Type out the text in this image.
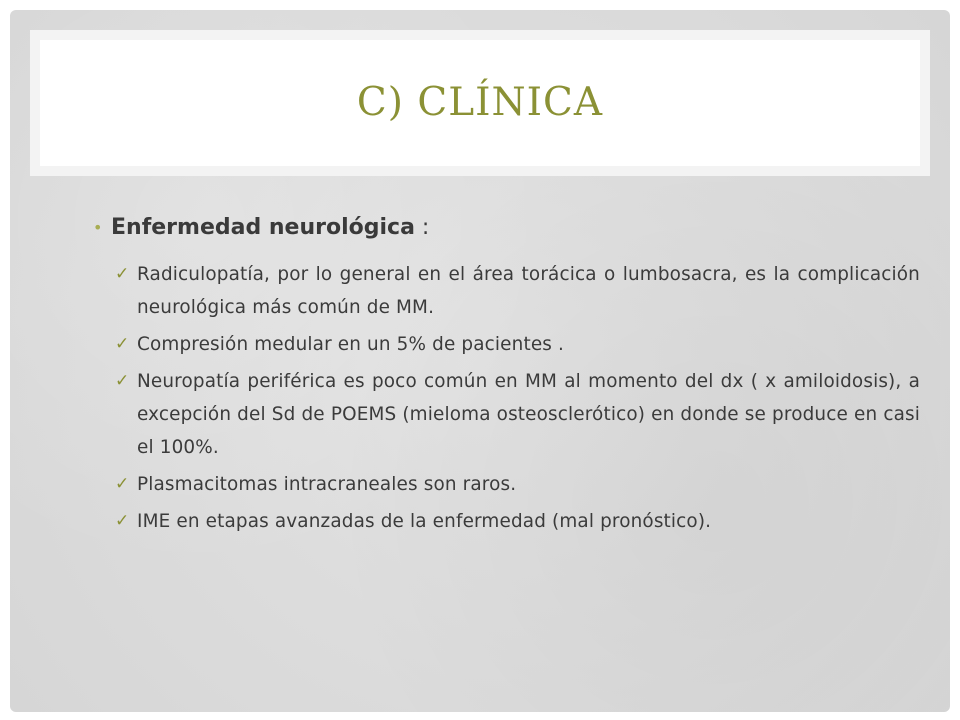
C) CLÍNICA
• Enfermedad neurológica :
✓ Radiculopatía, por lo general en el área torácica o lumbosacra, es la complicación neurológica más común de MM.
✓ Compresión medular en un 5% de pacientes .
✓ Neuropatía periférica es poco común en MM al momento del dx ( x amiloidosis), a excepción del Sd de POEMS (mieloma osteosclerótico) en donde se produce en casi el 100%.
✓ Plasmacitomas intracraneales son raros.
✓ IME en etapas avanzadas de la enfermedad (mal pronóstico).
